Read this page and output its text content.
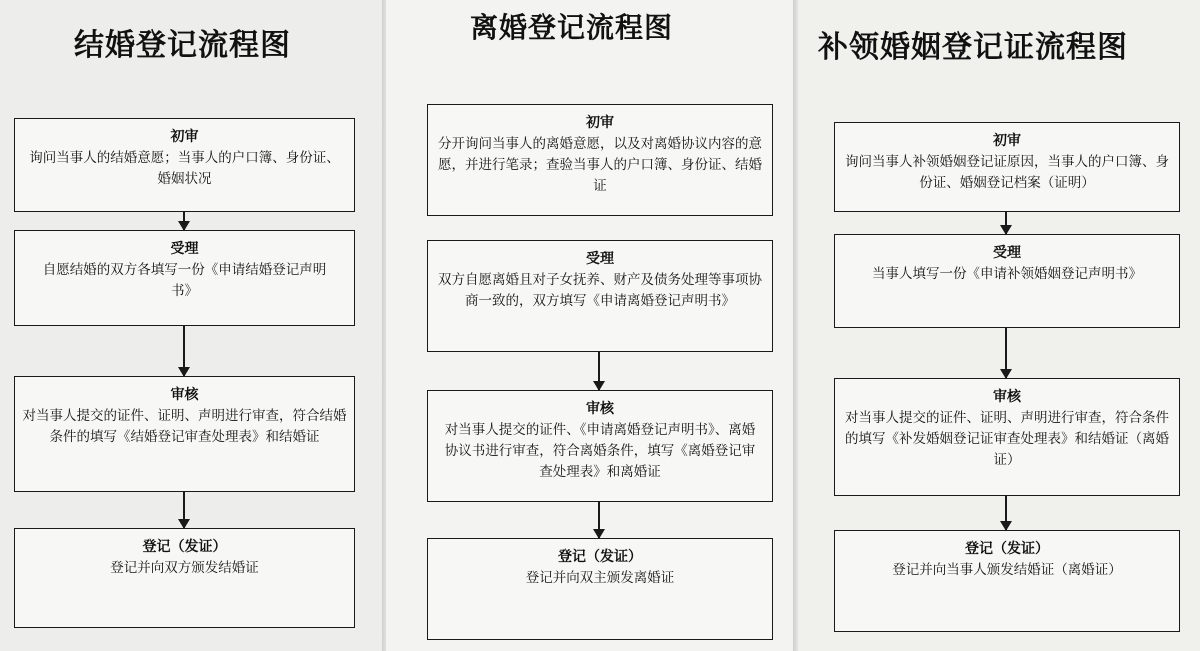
结婚登记流程图
初审
询问当事人的结婚意愿；当事人的户口簿、身份证、婚姻状况
受理
自愿结婚的双方各填写一份《申请结婚登记声明书》
审核
对当事人提交的证件、证明、声明进行审查，符合结婚条件的填写《结婚登记审查处理表》和结婚证
登记（发证）
登记并向双方颁发结婚证
离婚登记流程图
初审
分开询问当事人的离婚意愿，以及对离婚协议内容的意愿，并进行笔录；查验当事人的户口簿、身份证、结婚证
受理
双方自愿离婚且对子女抚养、财产及债务处理等事项协商一致的，双方填写《申请离婚登记声明书》
审核
对当事人提交的证件、《申请离婚登记声明书》、离婚协议书进行审查，符合离婚条件，填写《离婚登记审查处理表》和离婚证
登记（发证）
登记并向双主颁发离婚证
补领婚姻登记证流程图
初审
询问当事人补领婚姻登记证原因，当事人的户口簿、身份证、婚姻登记档案（证明）
受理
当事人填写一份《申请补领婚姻登记声明书》
审核
对当事人提交的证件、证明、声明进行审查，符合条件的填写《补发婚姻登记证审查处理表》和结婚证（离婚证）
登记（发证）
登记并向当事人颁发结婚证（离婚证）
